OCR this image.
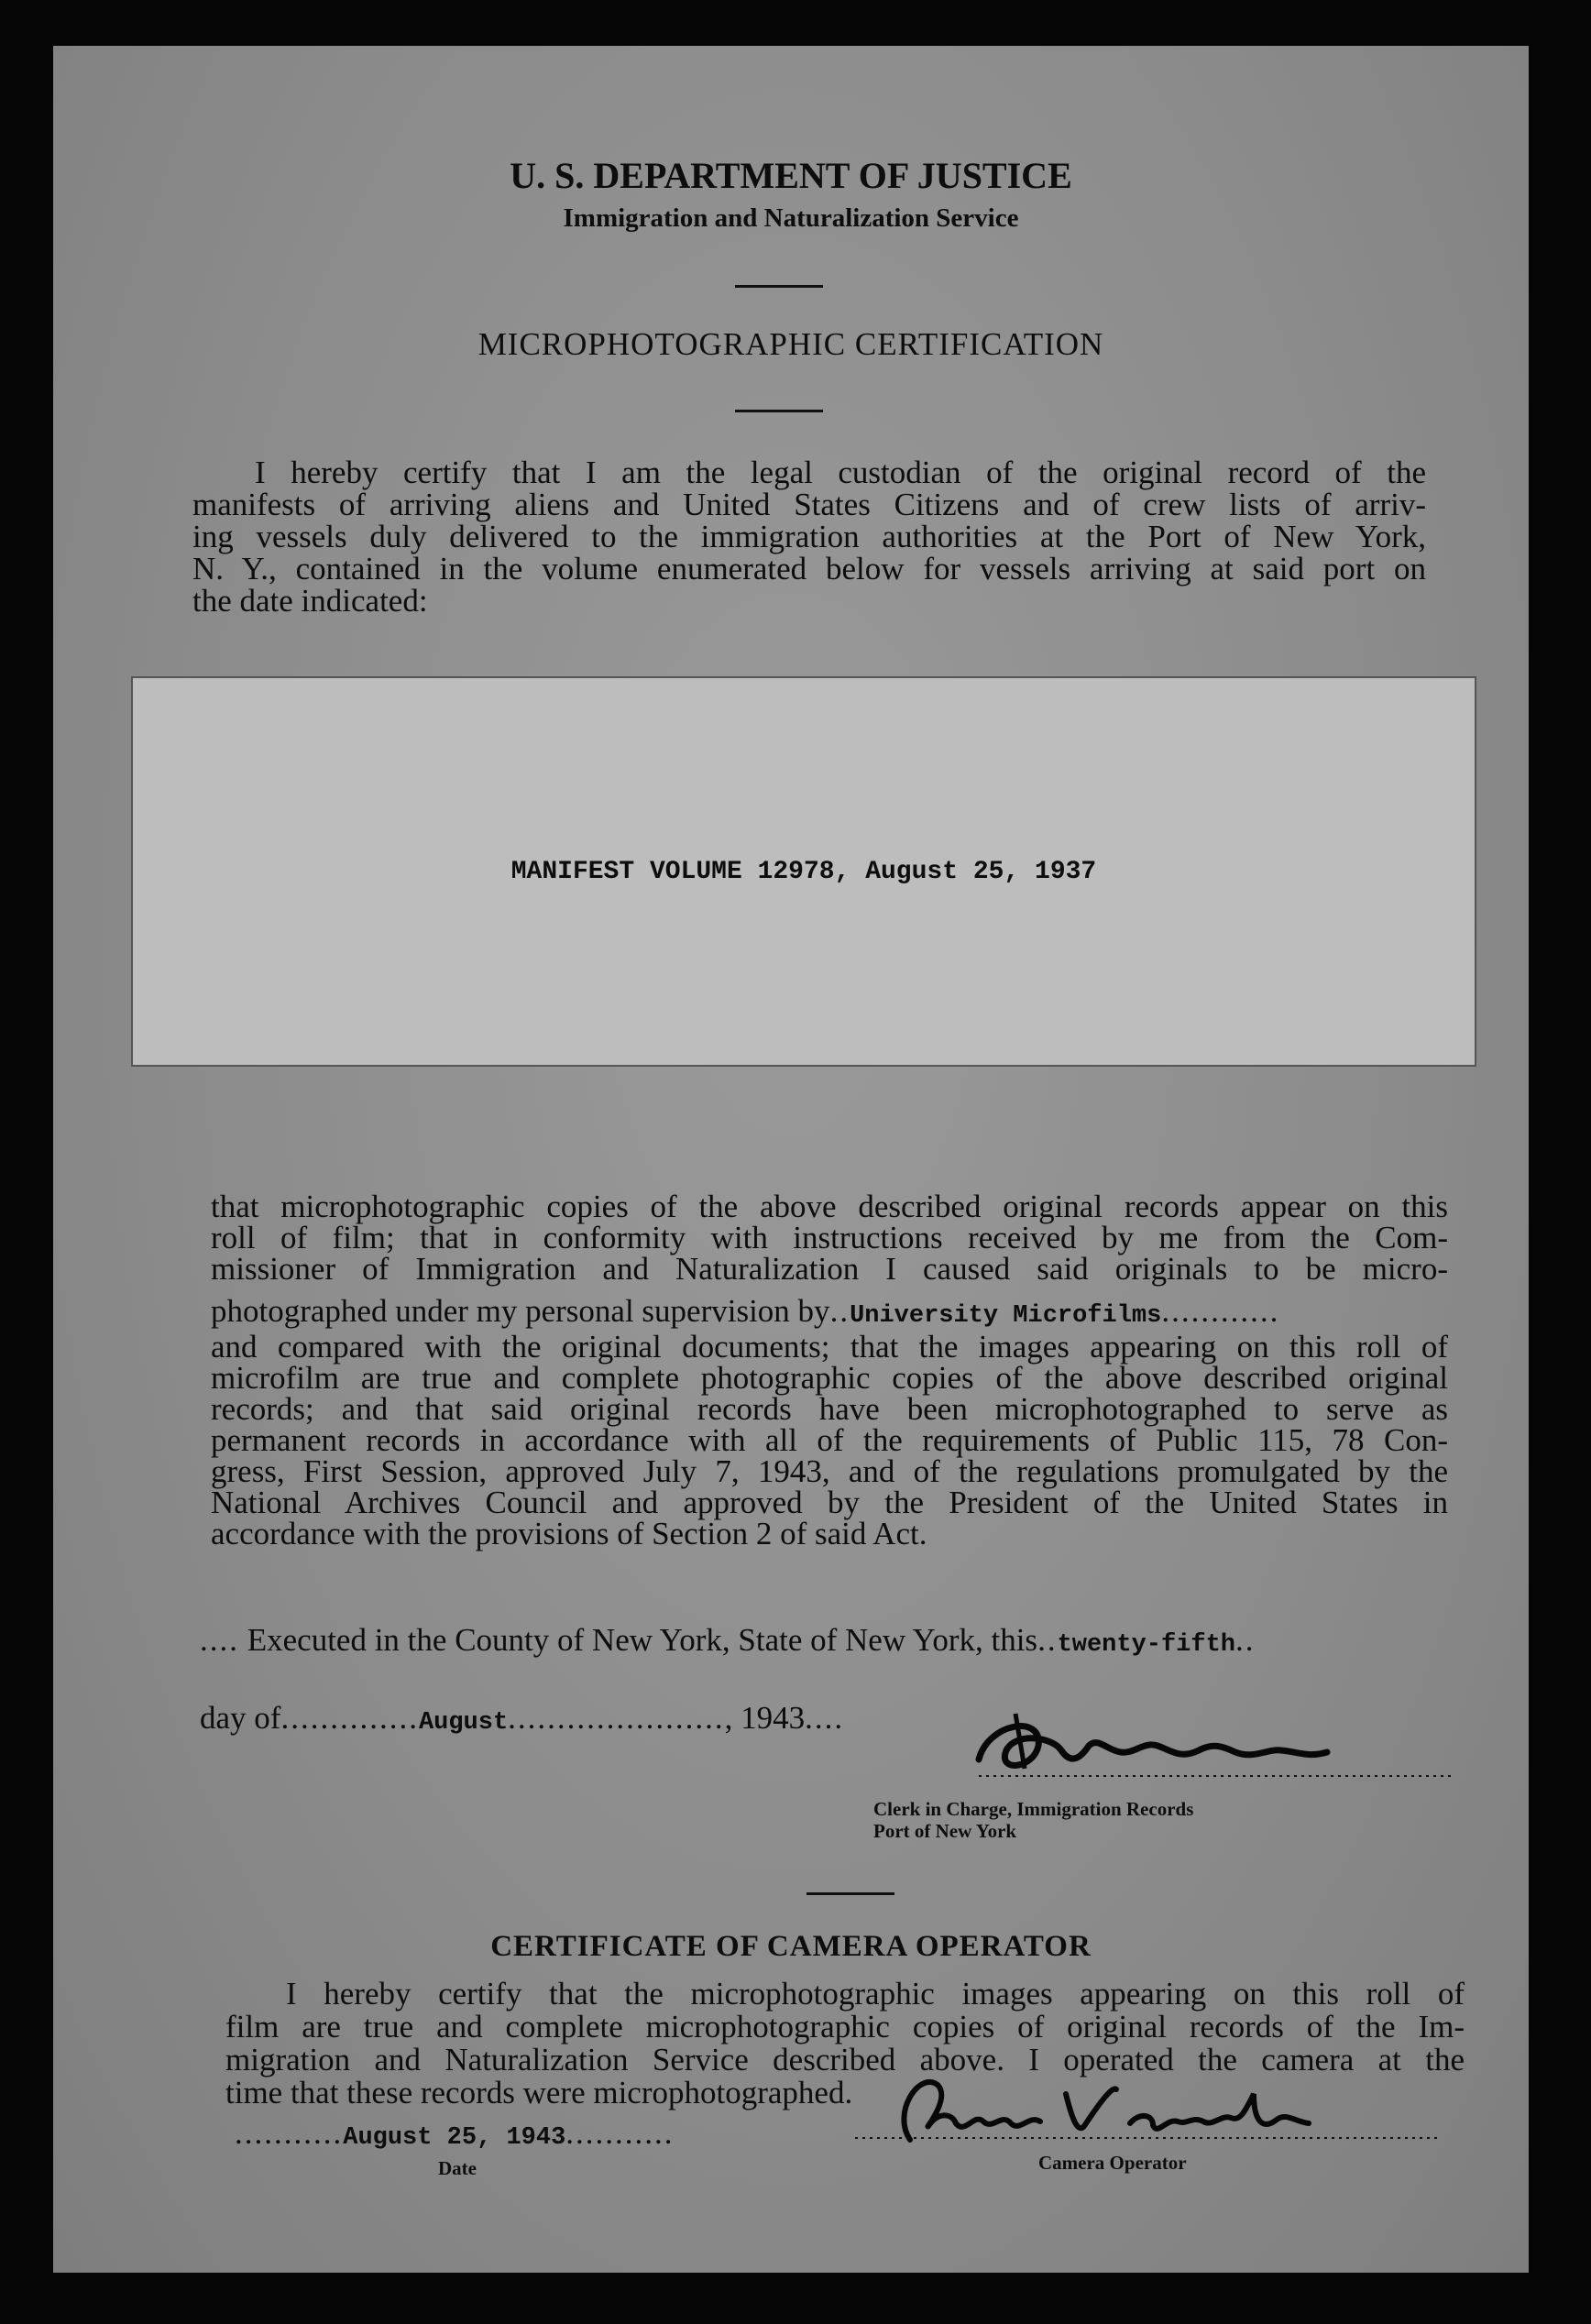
U. S. DEPARTMENT OF JUSTICE
Immigration and Naturalization Service
MICROPHOTOGRAPHIC CERTIFICATION
I hereby certify that I am the legal custodian of the original record of the
manifests of arriving aliens and United States Citizens and of crew lists of arriv-
ing vessels duly delivered to the immigration authorities at the Port of New York,
N. Y., contained in the volume enumerated below for vessels arriving at said port on
the date indicated:
MANIFEST VOLUME 12978, August 25, 1937
that microphotographic copies of the above described original records appear on this
roll of film; that in conformity with instructions received by me from the Com-
missioner of Immigration and Naturalization I caused said originals to be micro-
photographed under my personal supervision by..University Microfilms............
and compared with the original documents; that the images appearing on this roll of
microfilm are true and complete photographic copies of the above described original
records; and that said original records have been microphotographed to serve as
permanent records in accordance with all of the requirements of Public 115, 78 Con-
gress, First Session, approved July 7, 1943, and of the regulations promulgated by the
National Archives Council and approved by the President of the United States in
accordance with the provisions of Section 2 of said Act.
.... Executed in the County of New York, State of New York, this..twenty-fifth..
day of..............August......................, 1943....
Clerk in Charge, Immigration Records
Port of New York
CERTIFICATE OF CAMERA OPERATOR
I hereby certify that the microphotographic images appearing on this roll of
film are true and complete microphotographic copies of original records of the Im-
migration and Naturalization Service described above. I operated the camera at the
time that these records were microphotographed.
...........August 25, 1943...........
Date	Camera Operator
